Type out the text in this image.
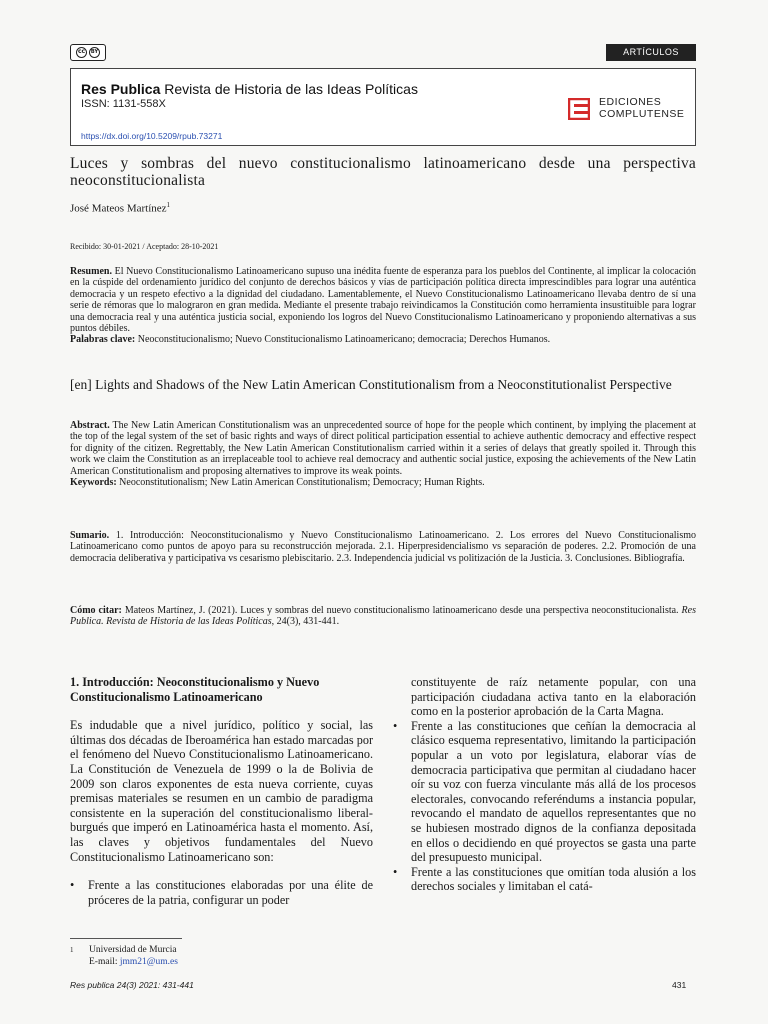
cc	BY	ARTÍCULOS
Res Publica Revista de Historia de las Ideas Políticas
ISSN: 1131-558X
https://dx.doi.org/10.5209/rpub.73271
EDICIONES
COMPLUTENSE
Luces y sombras del nuevo constitucionalismo latinoamericano desde una perspectiva neoconstitucionalista
José Mateos Martínez$^1$
Recibido: 30-01-2021 / Aceptado: 28-10-2021
Resumen. El Nuevo Constitucionalismo Latinoamericano supuso una inédita fuente de esperanza para los pueblos del Continente, al implicar la colocación en la cúspide del ordenamiento jurídico del conjunto de derechos básicos y vías de participación política directa imprescindibles para lograr una auténtica democracia y un respeto efectivo a la dignidad del ciudadano. Lamentablemente, el Nuevo Constitucionalismo Latinoamericano llevaba dentro de sí una serie de rémoras que lo malograron en gran medida. Mediante el presente trabajo reivindicamos la Constitución como herramienta insustituible para lograr una democracia real y una auténtica justicia social, exponiendo los logros del Nuevo Constitucionalismo Latinoamericano y proponiendo alternativas a sus puntos débiles.
Palabras clave: Neoconstitucionalismo; Nuevo Constitucionalismo Latinoamericano; democracia; Derechos Humanos.
[en] Lights and Shadows of the New Latin American Constitutionalism from a Neoconstitutionalist Perspective
Abstract. The New Latin American Constitutionalism was an unprecedented source of hope for the people which continent, by implying the placement at the top of the legal system of the set of basic rights and ways of direct political participation essential to achieve authentic democracy and effective respect for dignity of the citizen. Regrettably, the New Latin American Constitutionalism carried within it a series of delays that greatly spoiled it. Through this work we claim the Constitution as an irreplaceable tool to achieve real democracy and authentic social justice, exposing the achievements of the New Latin American Constitutionalism and proposing alternatives to improve its weak points.
Keywords: Neoconstitutionalism; New Latin American Constitutionalism; Democracy; Human Rights.
Sumario. 1. Introducción: Neoconstitucionalismo y Nuevo Constitucionalismo Latinoamericano. 2. Los errores del Nuevo Constitucionalismo Latinoamericano como puntos de apoyo para su reconstrucción mejorada. 2.1. Hiperpresidencialismo vs separación de poderes. 2.2. Promoción de una democracia deliberativa y participativa vs cesarismo plebiscitario. 2.3. Independencia judicial vs politización de la Justicia. 3. Conclusiones. Bibliografía.
Cómo citar: Mateos Martínez, J. (2021). Luces y sombras del nuevo constitucionalismo latinoamericano desde una perspectiva neoconstitucionalista. Res Publica. Revista de Historia de las Ideas Políticas, 24(3), 431-441.
1. Introducción: Neoconstitucionalismo y Nuevo Constitucionalismo Latinoamericano

Es indudable que a nivel jurídico, político y social, las últimas dos décadas de Iberoamérica han estado marcadas por el fenómeno del Nuevo Constitucionalismo Latinoamericano. La Constitución de Venezuela de 1999 o la de Bolivia de 2009 son claros exponentes de esta nueva corriente, cuyas premisas materiales se resumen en un cambio de paradigma consistente en la superación del constitucionalismo liberal-burgués que imperó en Latinoamérica hasta el momento. Así, las claves y objetivos fundamentales del Nuevo Constitucionalismo Latinoamericano son:

•	Frente a las constituciones elaboradas por una élite de próceres de la patria, configurar un poder
constituyente de raíz netamente popular, con una participación ciudadana activa tanto en la elaboración como en la posterior aprobación de la Carta Magna.
•	Frente a las constituciones que ceñían la democracia al clásico esquema representativo, limitando la participación popular a un voto por legislatura, elaborar vías de democracia participativa que permitan al ciudadano hacer oír su voz con fuerza vinculante más allá de los procesos electorales, convocando referéndums a instancia popular, revocando el mandato de aquellos representantes que no se hubiesen mostrado dignos de la confianza depositada en ellos o decidiendo en qué proyectos se gasta una parte del presupuesto municipal.
•	Frente a las constituciones que omitían toda alusión a los derechos sociales y limitaban el catá-
1 Universidad de Murcia
E-mail: jmm21@um.es
Res publica 24(3) 2021: 431-441	431
